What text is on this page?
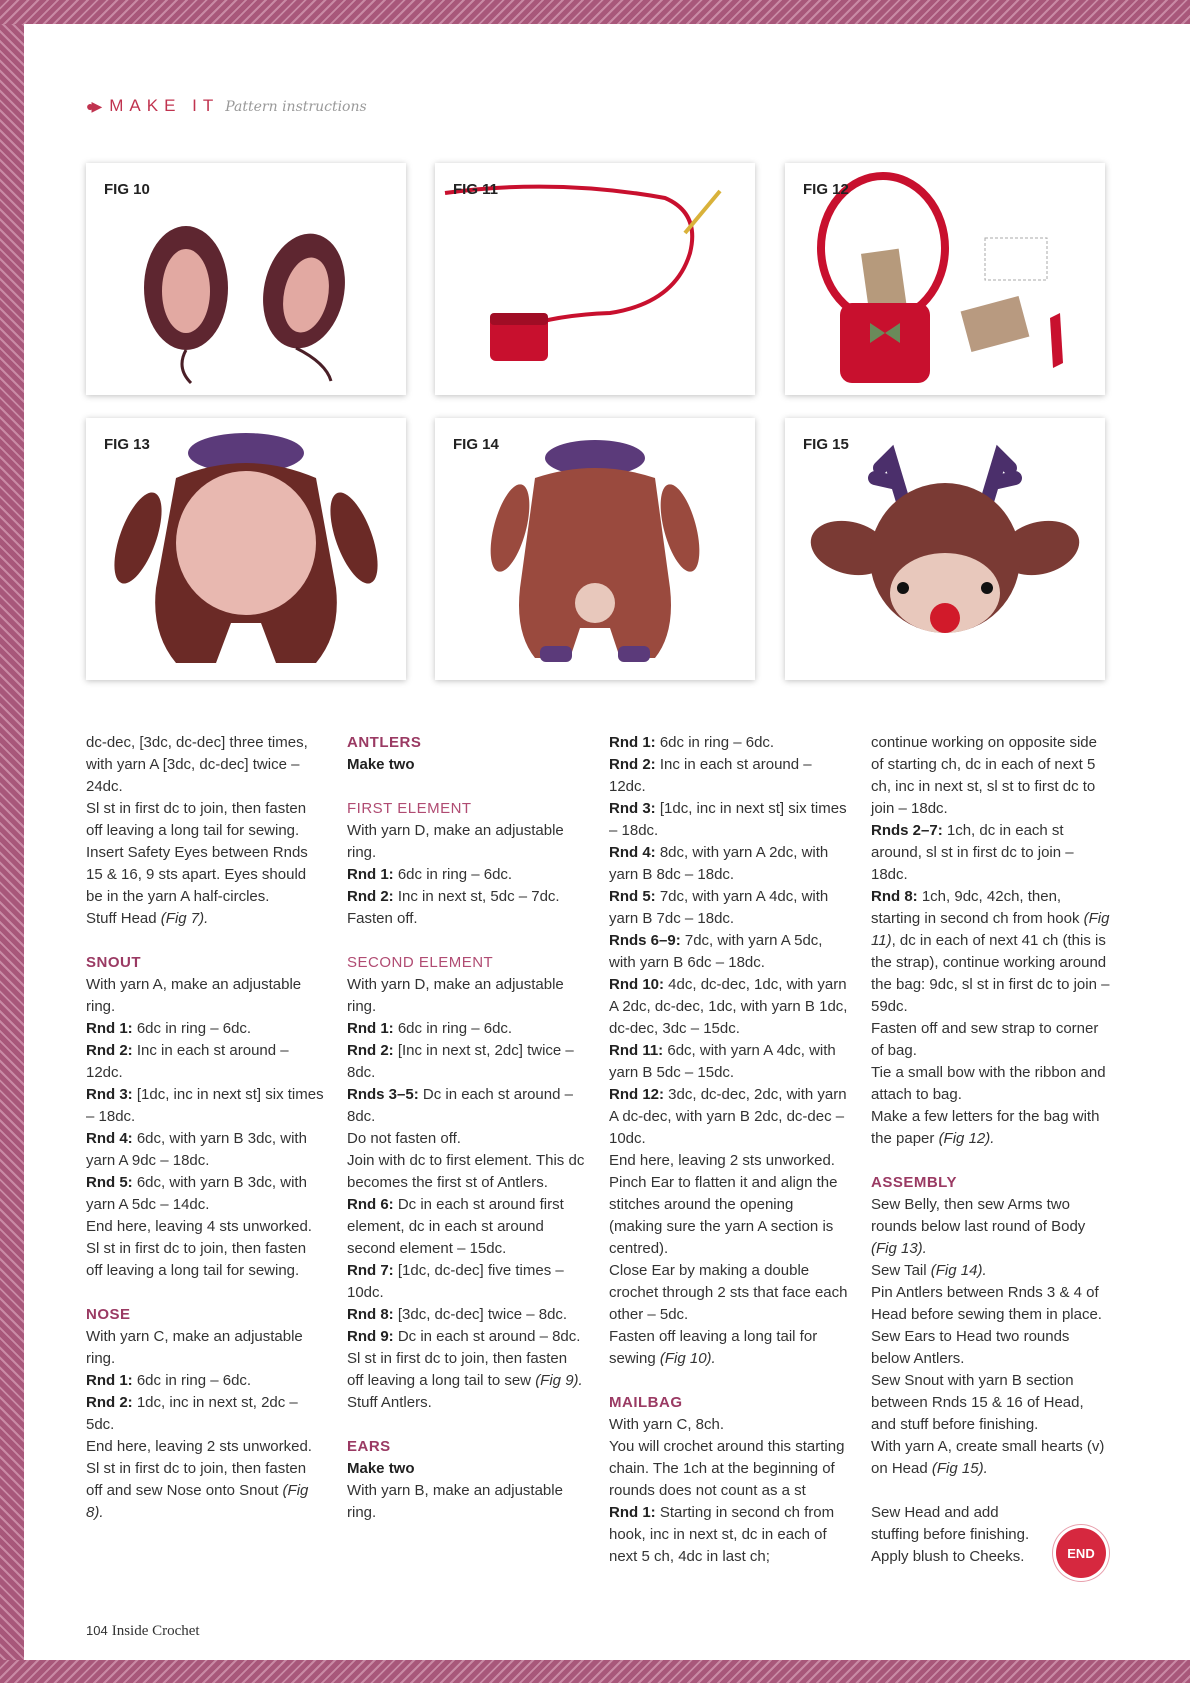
●▶ MAKE IT Pattern instructions
FIG 10	FIG 11	FIG 12
FIG 13	FIG 14	FIG 15

dc-dec, [3dc, dc-dec] three times, with yarn A [3dc, dc-dec] twice – 24dc.

Sl st in first dc to join, then fasten off leaving a long tail for sewing. Insert Safety Eyes between Rnds 15 & 16, 9 sts apart. Eyes should be in the yarn A half-circles.

Stuff Head (Fig 7).

SNOUT

With yarn A, make an adjustable ring.

Rnd 1: 6dc in ring – 6dc.

Rnd 2: Inc in each st around – 12dc.

Rnd 3: [1dc, inc in next st] six times – 18dc.

Rnd 4: 6dc, with yarn B 3dc, with yarn A 9dc – 18dc.

Rnd 5: 6dc, with yarn B 3dc, with yarn A 5dc – 14dc.

End here, leaving 4 sts unworked.

Sl st in first dc to join, then fasten off leaving a long tail for sewing.

NOSE

With yarn C, make an adjustable ring.

Rnd 1: 6dc in ring – 6dc.

Rnd 2: 1dc, inc in next st, 2dc – 5dc.

End here, leaving 2 sts unworked.

Sl st in first dc to join, then fasten off and sew Nose onto Snout (Fig 8).

ANTLERS

Make two

FIRST ELEMENT

With yarn D, make an adjustable ring.

Rnd 1: 6dc in ring – 6dc.

Rnd 2: Inc in next st, 5dc – 7dc.

Fasten off.

SECOND ELEMENT

With yarn D, make an adjustable ring.

Rnd 1: 6dc in ring – 6dc.

Rnd 2: [Inc in next st, 2dc] twice – 8dc.

Rnds 3–5: Dc in each st around – 8dc.

Do not fasten off.

Join with dc to first element. This dc becomes the first st of Antlers.

Rnd 6: Dc in each st around first element, dc in each st around second element – 15dc.

Rnd 7: [1dc, dc-dec] five times – 10dc.

Rnd 8: [3dc, dc-dec] twice – 8dc.

Rnd 9: Dc in each st around – 8dc.

Sl st in first dc to join, then fasten off leaving a long tail to sew (Fig 9).

Stuff Antlers.

EARS

Make two

With yarn B, make an adjustable ring.

Rnd 1: 6dc in ring – 6dc.

Rnd 2: Inc in each st around – 12dc.

Rnd 3: [1dc, inc in next st] six times – 18dc.

Rnd 4: 8dc, with yarn A 2dc, with yarn B 8dc – 18dc.

Rnd 5: 7dc, with yarn A 4dc, with yarn B 7dc – 18dc.

Rnds 6–9: 7dc, with yarn A 5dc, with yarn B 6dc – 18dc.

Rnd 10: 4dc, dc-dec, 1dc, with yarn A 2dc, dc-dec, 1dc, with yarn B 1dc, dc-dec, 3dc – 15dc.

Rnd 11: 6dc, with yarn A 4dc, with yarn B 5dc – 15dc.

Rnd 12: 3dc, dc-dec, 2dc, with yarn A dc-dec, with yarn B 2dc, dc-dec – 10dc.

End here, leaving 2 sts unworked.

Pinch Ear to flatten it and align the stitches around the opening (making sure the yarn A section is centred).

Close Ear by making a double crochet through 2 sts that face each other – 5dc.

Fasten off leaving a long tail for sewing (Fig 10).

MAILBAG

With yarn C, 8ch.

You will crochet around this starting chain. The 1ch at the beginning of rounds does not count as a st

Rnd 1: Starting in second ch from hook, inc in next st, dc in each of next 5 ch, 4dc in last ch;

continue working on opposite side of starting ch, dc in each of next 5 ch, inc in next st, sl st to first dc to join – 18dc.

Rnds 2–7: 1ch, dc in each st around, sl st in first dc to join – 18dc.

Rnd 8: 1ch, 9dc, 42ch, then, starting in second ch from hook (Fig 11), dc in each of next 41 ch (this is the strap), continue working around the bag: 9dc, sl st in first dc to join – 59dc.

Fasten off and sew strap to corner of bag.

Tie a small bow with the ribbon and attach to bag.

Make a few letters for the bag with the paper (Fig 12).

ASSEMBLY

Sew Belly, then sew Arms two rounds below last round of Body (Fig 13).

Sew Tail (Fig 14).

Pin Antlers between Rnds 3 & 4 of Head before sewing them in place.

Sew Ears to Head two rounds below Antlers.

Sew Snout with yarn B section between Rnds 15 & 16 of Head, and stuff before finishing.

With yarn A, create small hearts (v) on Head (Fig 15).

Sew Head and add stuffing before finishing. Apply blush to Cheeks.	END
104 Inside Crochet
